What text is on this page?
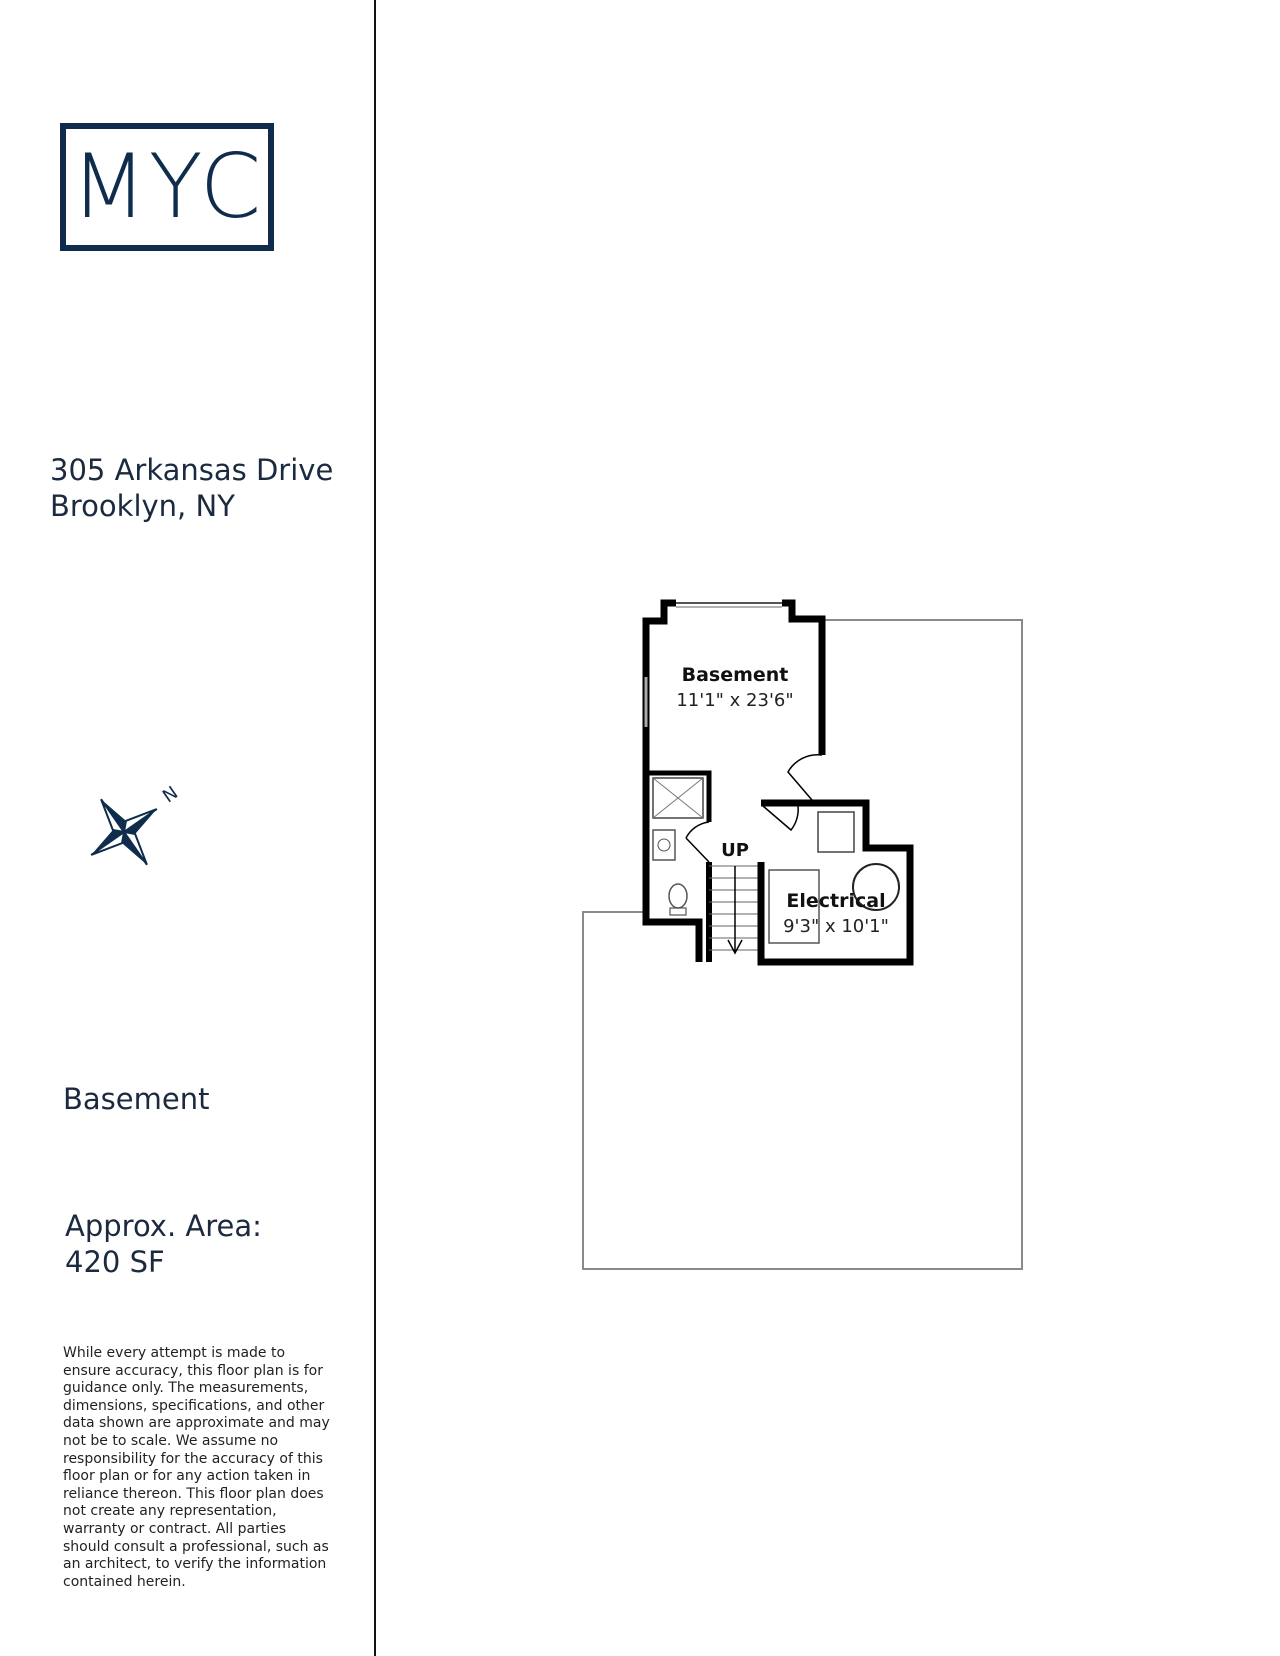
MYC
305 Arkansas Drive
Brooklyn, NY
N
Basement
Approx. Area:
420 SF
While every attempt is made to ensure accuracy, this floor plan is for guidance only. The measurements, dimensions, specifications, and other data shown are approximate and may not be to scale. We assume no responsibility for the accuracy of this floor plan or for any action taken in reliance thereon. This floor plan does not create any representation, warranty or contract. All parties should consult a professional, such as an architect, to verify the information contained herein.
Basement
11'1" x 23'6"
UP
Electrical
9'3" x 10'1"
